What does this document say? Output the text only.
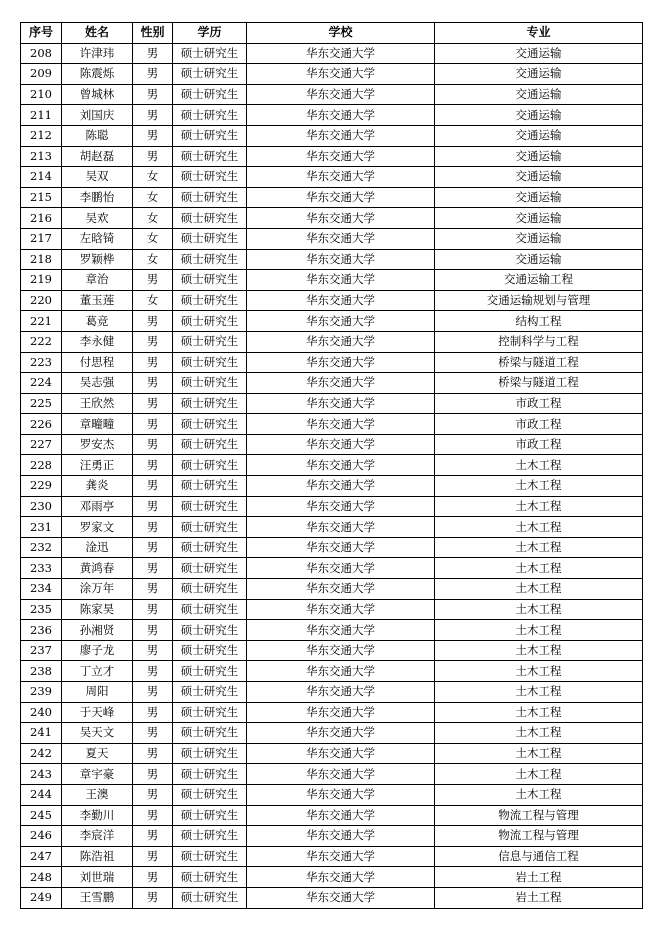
序号	姓名	性别	学历	学校	专业
208	许津玮	男	硕士研究生	华东交通大学	交通运输
209	陈震烁	男	硕士研究生	华东交通大学	交通运输
210	曾城林	男	硕士研究生	华东交通大学	交通运输
211	刘国庆	男	硕士研究生	华东交通大学	交通运输
212	陈聪	男	硕士研究生	华东交通大学	交通运输
213	胡赵磊	男	硕士研究生	华东交通大学	交通运输
214	吴双	女	硕士研究生	华东交通大学	交通运输
215	李鹏怡	女	硕士研究生	华东交通大学	交通运输
216	吴欢	女	硕士研究生	华东交通大学	交通运输
217	左晗锜	女	硕士研究生	华东交通大学	交通运输
218	罗颖桦	女	硕士研究生	华东交通大学	交通运输
219	章治	男	硕士研究生	华东交通大学	交通运输工程
220	董玉莲	女	硕士研究生	华东交通大学	交通运输规划与管理
221	葛竞	男	硕士研究生	华东交通大学	结构工程
222	李永健	男	硕士研究生	华东交通大学	控制科学与工程
223	付思程	男	硕士研究生	华东交通大学	桥梁与隧道工程
224	吴志强	男	硕士研究生	华东交通大学	桥梁与隧道工程
225	王欣然	男	硕士研究生	华东交通大学	市政工程
226	章疃疃	男	硕士研究生	华东交通大学	市政工程
227	罗安杰	男	硕士研究生	华东交通大学	市政工程
228	汪勇正	男	硕士研究生	华东交通大学	土木工程
229	龚炎	男	硕士研究生	华东交通大学	土木工程
230	邓雨亭	男	硕士研究生	华东交通大学	土木工程
231	罗家文	男	硕士研究生	华东交通大学	土木工程
232	淦迅	男	硕士研究生	华东交通大学	土木工程
233	黄鸿春	男	硕士研究生	华东交通大学	土木工程
234	涂万年	男	硕士研究生	华东交通大学	土木工程
235	陈家昊	男	硕士研究生	华东交通大学	土木工程
236	孙湘贤	男	硕士研究生	华东交通大学	土木工程
237	廖子龙	男	硕士研究生	华东交通大学	土木工程
238	丁立才	男	硕士研究生	华东交通大学	土木工程
239	周阳	男	硕士研究生	华东交通大学	土木工程
240	于天峰	男	硕士研究生	华东交通大学	土木工程
241	吴天文	男	硕士研究生	华东交通大学	土木工程
242	夏天	男	硕士研究生	华东交通大学	土木工程
243	章宇豪	男	硕士研究生	华东交通大学	土木工程
244	王澳	男	硕士研究生	华东交通大学	土木工程
245	李勤川	男	硕士研究生	华东交通大学	物流工程与管理
246	李宸洋	男	硕士研究生	华东交通大学	物流工程与管理
247	陈浩祖	男	硕士研究生	华东交通大学	信息与通信工程
248	刘世瑞	男	硕士研究生	华东交通大学	岩土工程
249	王雪鹏	男	硕士研究生	华东交通大学	岩土工程
